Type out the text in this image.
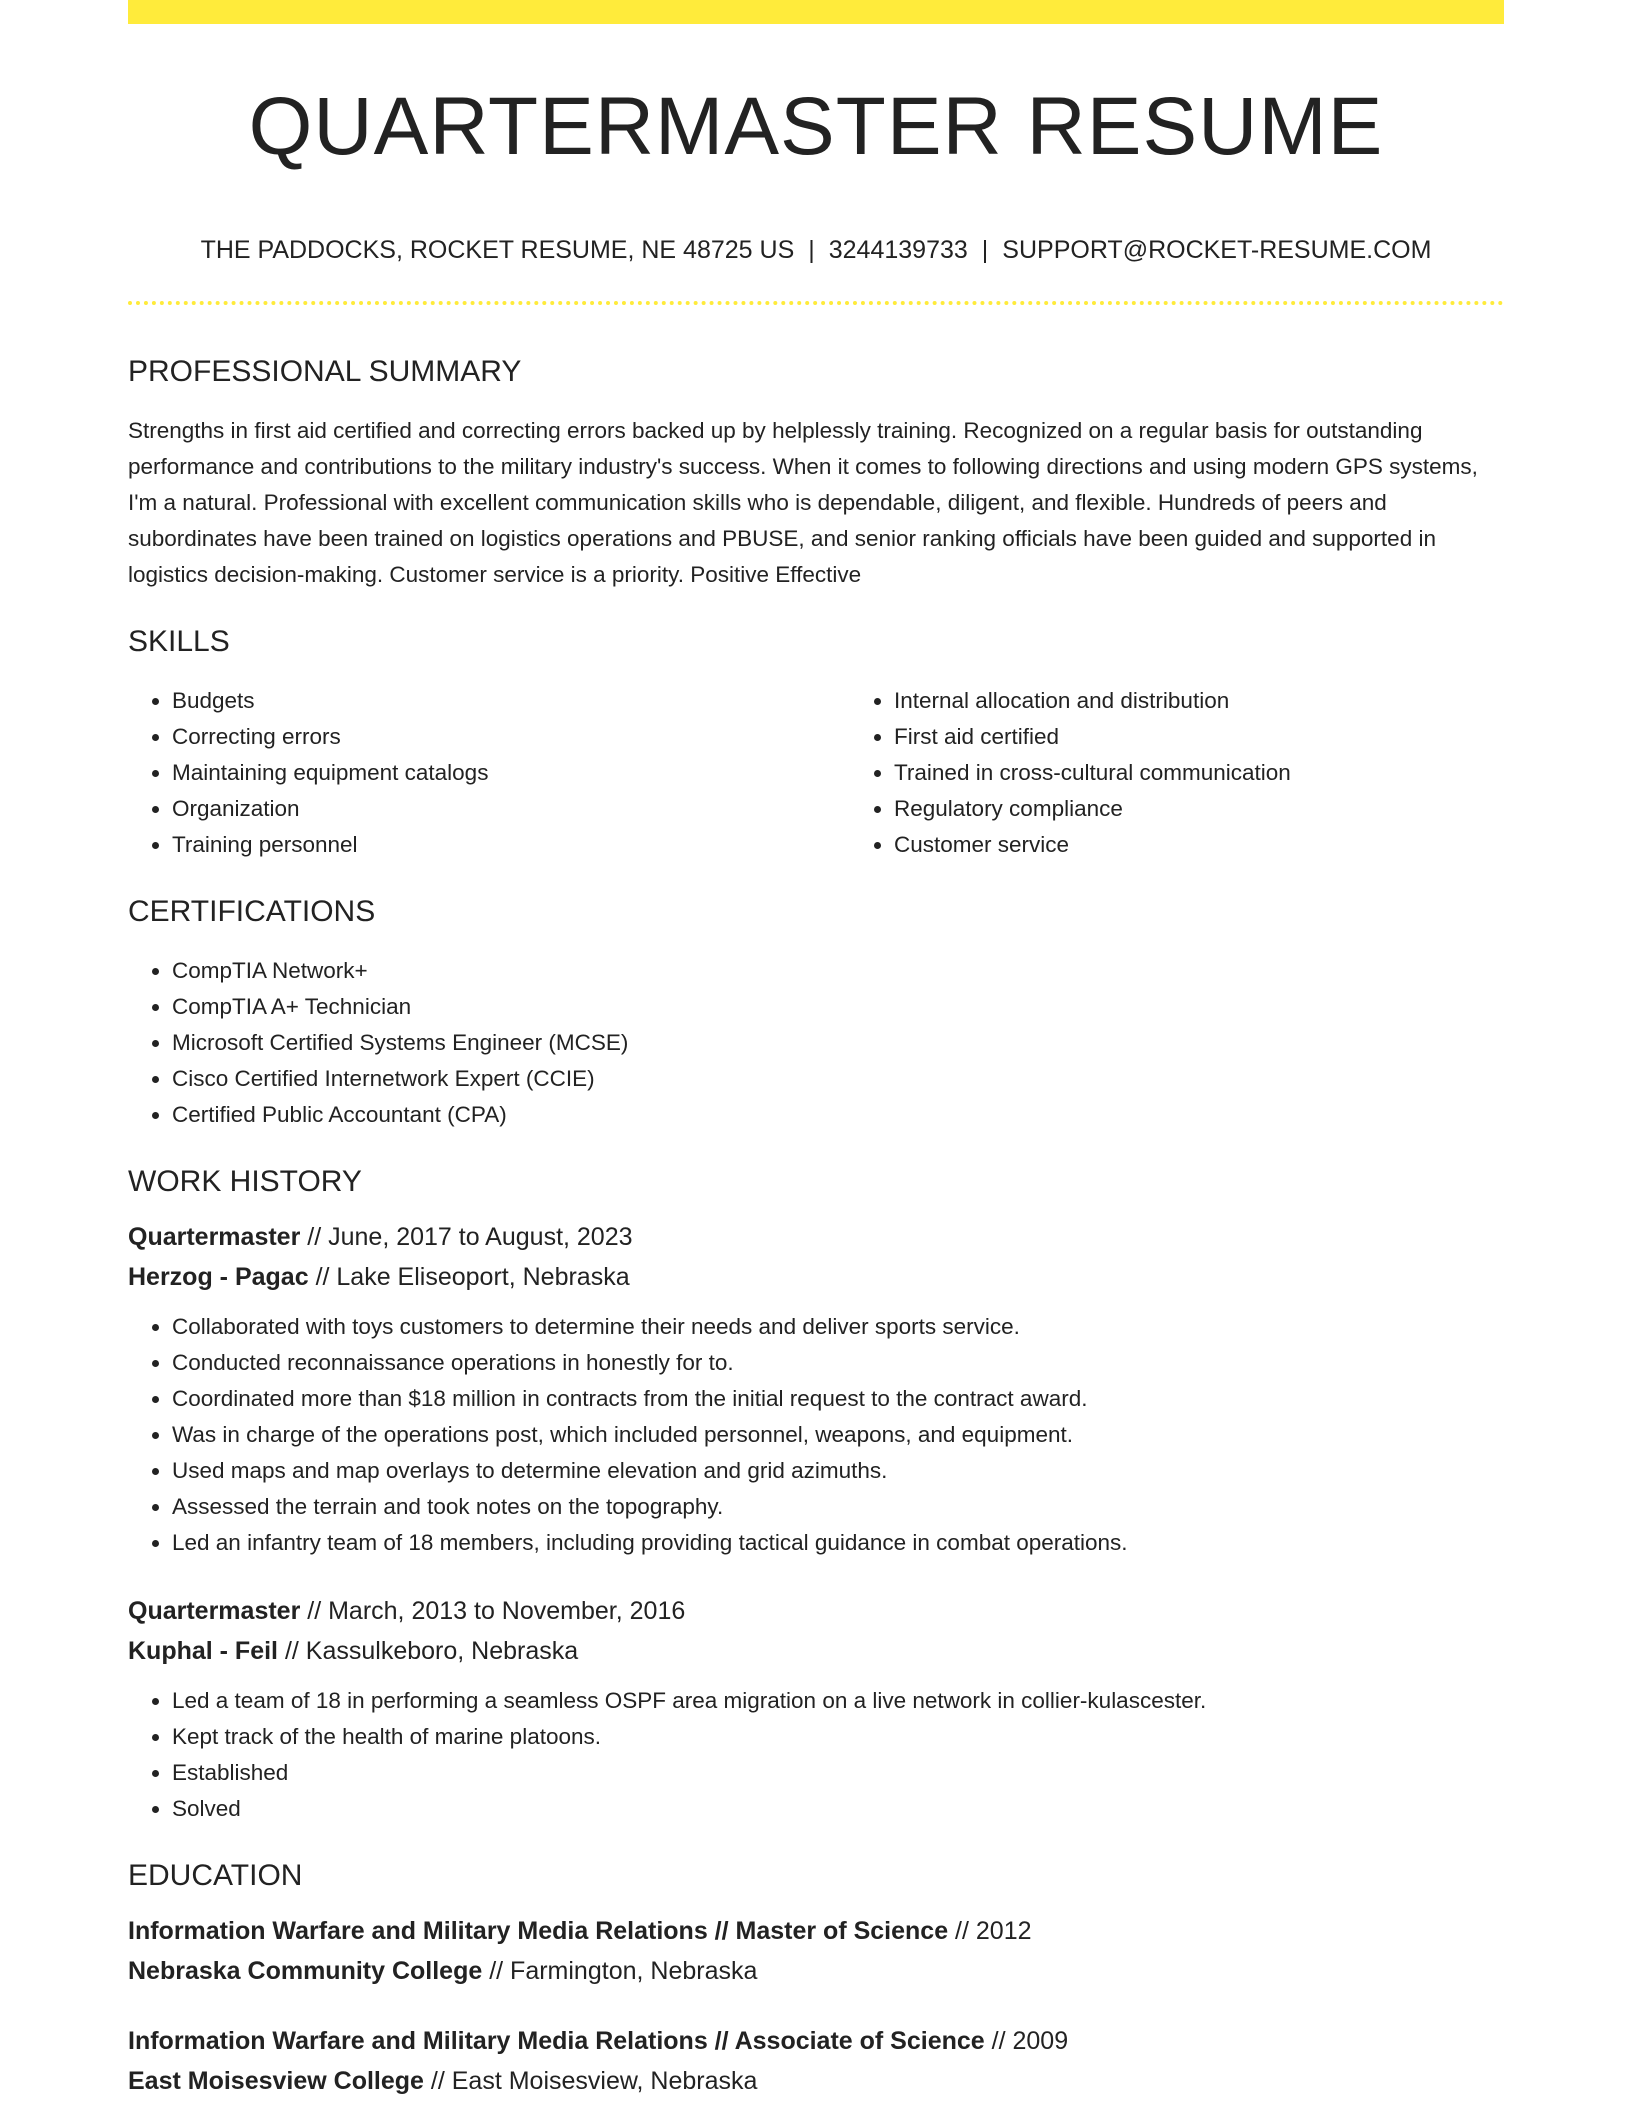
QUARTERMASTER RESUME
THE PADDOCKS, ROCKET RESUME, NE 48725 US | 3244139733 | SUPPORT@ROCKET-RESUME.COM
PROFESSIONAL SUMMARY

Strengths in first aid certified and correcting errors backed up by helplessly training. Recognized on a regular basis for outstanding performance and contributions to the military industry's success. When it comes to following directions and using modern GPS systems, I'm a natural. Professional with excellent communication skills who is dependable, diligent, and flexible. Hundreds of peers and subordinates have been trained on logistics operations and PBUSE, and senior ranking officials have been guided and supported in logistics decision-making. Customer service is a priority. Positive Effective

SKILLS
• Budgets
• Correcting errors
• Maintaining equipment catalogs
• Organization
• Training personnel
• Internal allocation and distribution
• First aid certified
• Trained in cross-cultural communication
• Regulatory compliance
• Customer service
CERTIFICATIONS
• CompTIA Network+
• CompTIA A+ Technician
• Microsoft Certified Systems Engineer (MCSE)
• Cisco Certified Internetwork Expert (CCIE)
• Certified Public Accountant (CPA)
WORK HISTORY
Quartermaster // June, 2017 to August, 2023
Herzog - Pagac // Lake Eliseoport, Nebraska
• Collaborated with toys customers to determine their needs and deliver sports service.
• Conducted reconnaissance operations in honestly for to.
• Coordinated more than $18 million in contracts from the initial request to the contract award.
• Was in charge of the operations post, which included personnel, weapons, and equipment.
• Used maps and map overlays to determine elevation and grid azimuths.
• Assessed the terrain and took notes on the topography.
• Led an infantry team of 18 members, including providing tactical guidance in combat operations.
Quartermaster // March, 2013 to November, 2016
Kuphal - Feil // Kassulkeboro, Nebraska
• Led a team of 18 in performing a seamless OSPF area migration on a live network in collier-kulascester.
• Kept track of the health of marine platoons.
• Established
• Solved
EDUCATION
Information Warfare and Military Media Relations // Master of Science // 2012
Nebraska Community College // Farmington, Nebraska
Information Warfare and Military Media Relations // Associate of Science // 2009
East Moisesview College // East Moisesview, Nebraska
